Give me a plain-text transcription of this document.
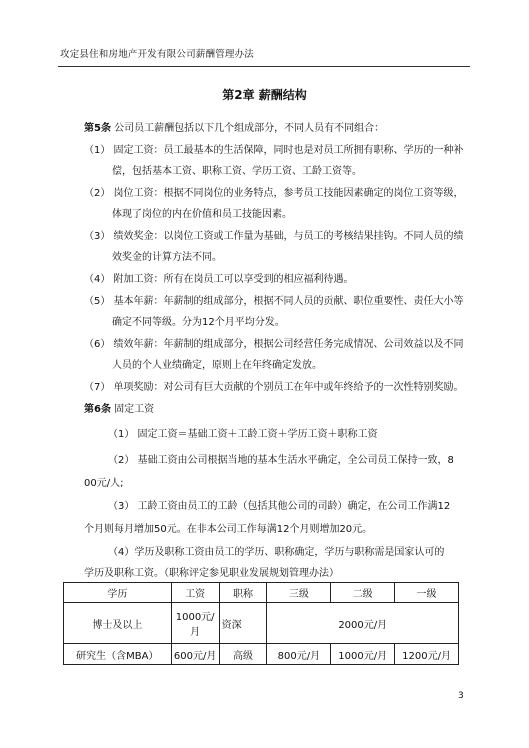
攻定县住和房地产开发有限公司薪酬管理办法
第2章 薪酬结构
第5条 公司员工薪酬包括以下几个组成部分，不同人员有不同组合：
（1） 固定工资：员工最基本的生活保障，同时也是对员工所拥有职称、学历的一种补
偿，包括基本工资、职称工资、学历工资、工龄工资等。
（2） 岗位工资：根据不同岗位的业务特点，参考员工技能因素确定的岗位工资等级，
体现了岗位的内在价值和员工技能因素。
（3） 绩效奖金：以岗位工资或工作量为基础，与员工的考核结果挂钩。不同人员的绩
效奖金的计算方法不同。
（4） 附加工资：所有在岗员工可以享受到的相应福利待遇。
（5） 基本年薪：年薪制的组成部分，根据不同人员的贡献、职位重要性、责任大小等
确定不同等级。分为12个月平均分发。
（6） 绩效年薪：年薪制的组成部分，根据公司经营任务完成情况、公司效益以及不同
人员的个人业绩确定，原则上在年终确定发放。
（7） 单项奖励：对公司有巨大贡献的个别员工在年中或年终给予的一次性特别奖励。
第6条 固定工资
（1） 固定工资＝基础工资＋工龄工资＋学历工资＋职称工资
（2） 基础工资由公司根据当地的基本生活水平确定，全公司员工保持一致，8
00元/人;
（3） 工龄工资由员工的工龄（包括其他公司的司龄）确定，在公司工作满12
个月则每月增加50元。在非本公司工作每满12个月则增加20元。
（4）学历及职称工资由员工的学历、职称确定，学历与职称需是国家认可的
学历及职称工资。（职称评定参见职业发展规划管理办法）
学历	工资	职称	三级	二级	一级
博士及以上	1000元/月	资深	2000元/月		
研究生（含MBA）	600元/月	高级	800元/月	1000元/月	1200元/月
3
